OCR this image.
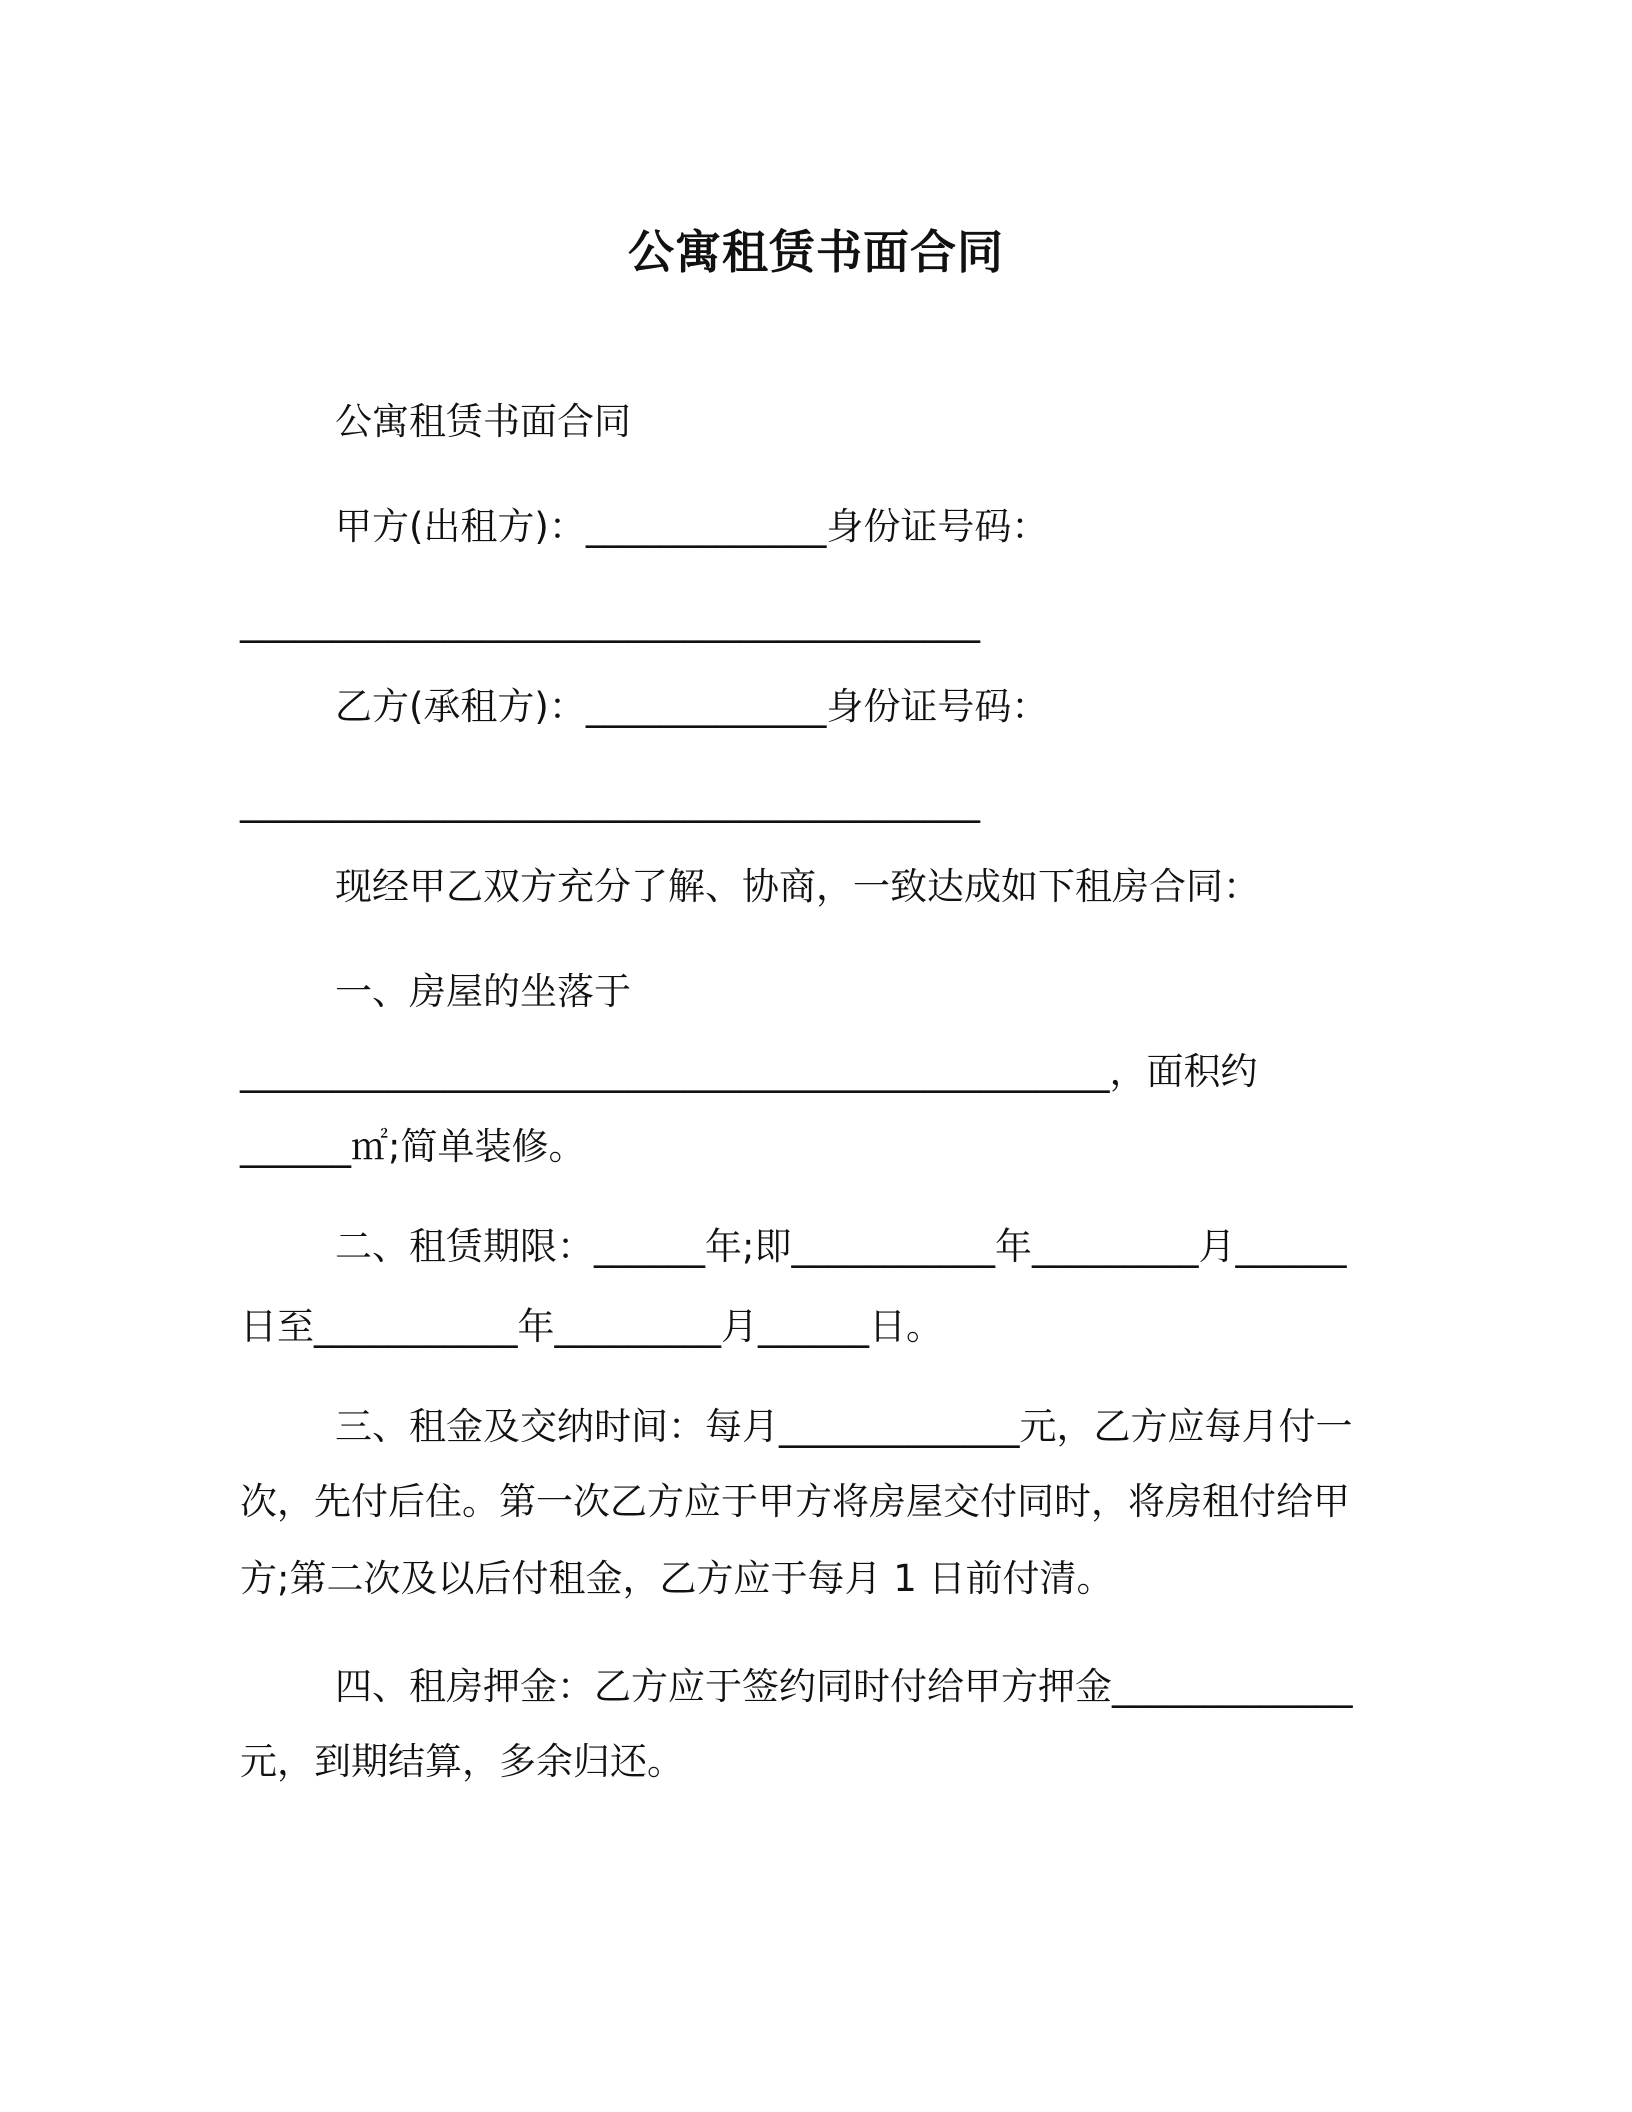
公寓租赁书面合同
公寓租赁书面合同
甲方(出租方)：_____________身份证号码：
________________________________________
乙方(承租方)：_____________身份证号码：
________________________________________
现经甲乙双方充分了解、协商，一致达成如下租房合同：
一、房屋的坐落于
_______________________________________________，面积约
______㎡;简单装修。
二、租赁期限：______年;即___________年_________月______
日至___________年_________月______日。
三、租金及交纳时间：每月_____________元，乙方应每月付一
次，先付后住。第一次乙方应于甲方将房屋交付同时，将房租付给甲
方;第二次及以后付租金，乙方应于每月 1 日前付清。
四、租房押金：乙方应于签约同时付给甲方押金_____________
元，到期结算，多余归还。
